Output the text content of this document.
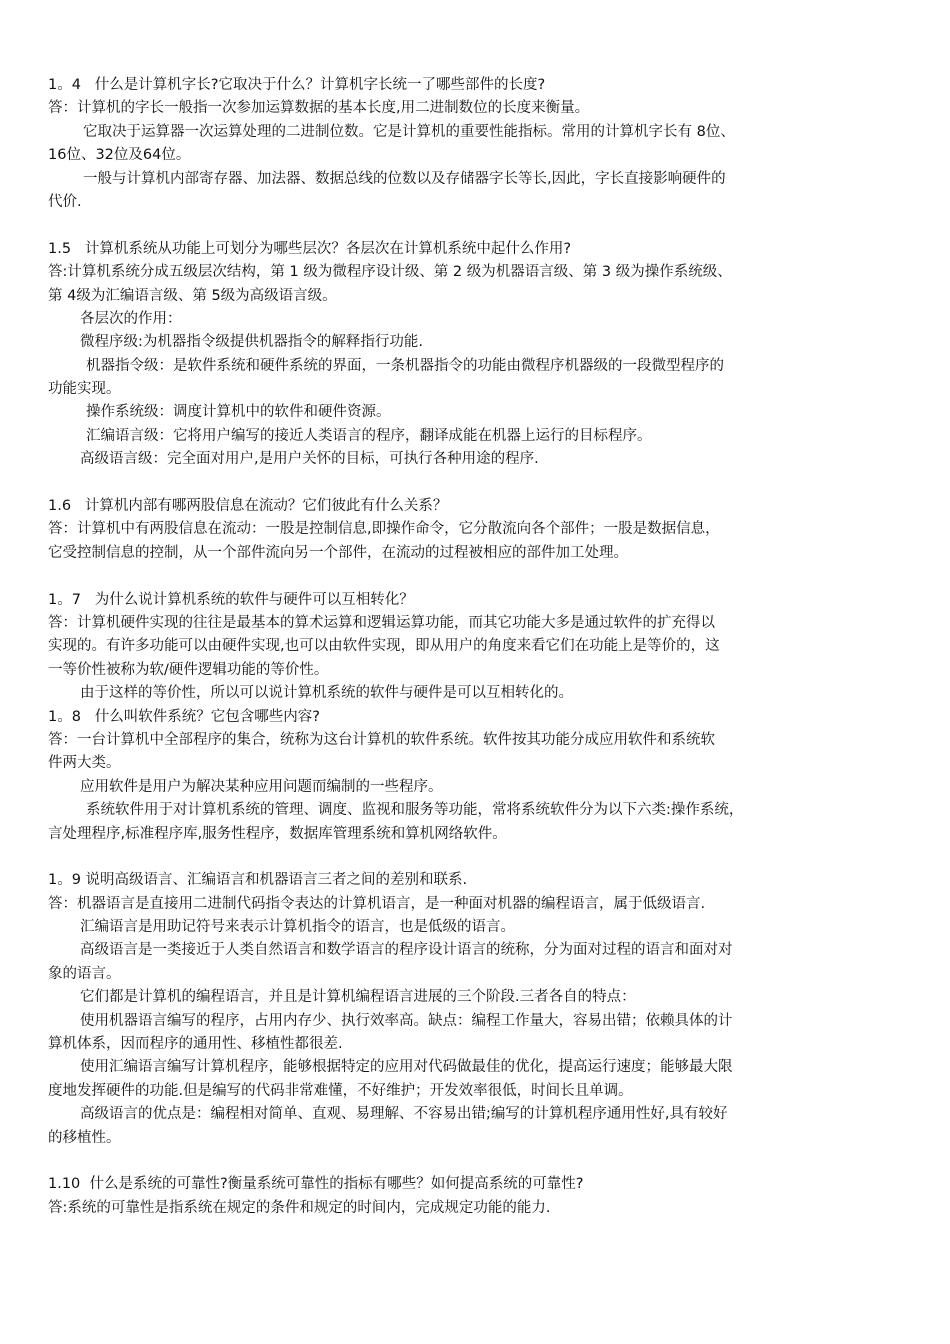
1。4   什么是计算机字长?它取决于什么？计算机字长统一了哪些部件的长度?
答：计算机的字长一般指一次参加运算数据的基本长度,用二进制数位的长度来衡量。
它取决于运算器一次运算处理的二进制位数。它是计算机的重要性能指标。常用的计算机字长有 8位、
16位、32位及64位。
一般与计算机内部寄存器、加法器、数据总线的位数以及存储器字长等长,因此，字长直接影响硬件的
代价.
1.5   计算机系统从功能上可划分为哪些层次？各层次在计算机系统中起什么作用?
答:计算机系统分成五级层次结构，第 1 级为微程序设计级、第 2 级为机器语言级、第 3 级为操作系统级、
第 4级为汇编语言级、第 5级为高级语言级。
各层次的作用：
微程序级:为机器指令级提供机器指令的解释指行功能.
机器指令级：是软件系统和硬件系统的界面，一条机器指令的功能由微程序机器级的一段微型程序的
功能实现。
操作系统级：调度计算机中的软件和硬件资源。
汇编语言级：它将用户编写的接近人类语言的程序，翻译成能在机器上运行的目标程序。
高级语言级：完全面对用户,是用户关怀的目标，可执行各种用途的程序.
1.6   计算机内部有哪两股信息在流动？它们彼此有什么关系？
答：计算机中有两股信息在流动：一股是控制信息,即操作命令，它分散流向各个部件；一股是数据信息，
它受控制信息的控制，从一个部件流向另一个部件，在流动的过程被相应的部件加工处理。
1。7   为什么说计算机系统的软件与硬件可以互相转化？
答：计算机硬件实现的往往是最基本的算术运算和逻辑运算功能，而其它功能大多是通过软件的扩充得以
实现的。有许多功能可以由硬件实现,也可以由软件实现，即从用户的角度来看它们在功能上是等价的，这
一等价性被称为软/硬件逻辑功能的等价性。
由于这样的等价性，所以可以说计算机系统的软件与硬件是可以互相转化的。
1。8   什么叫软件系统？它包含哪些内容?
答：一台计算机中全部程序的集合，统称为这台计算机的软件系统。软件按其功能分成应用软件和系统软
件两大类。
应用软件是用户为解决某种应用问题而编制的一些程序。
系统软件用于对计算机系统的管理、调度、监视和服务等功能，常将系统软件分为以下六类:操作系统，
言处理程序,标准程序库,服务性程序，数据库管理系统和算机网络软件。
1。9 说明高级语言、汇编语言和机器语言三者之间的差别和联系.
答：机器语言是直接用二进制代码指令表达的计算机语言，是一种面对机器的编程语言，属于低级语言.
汇编语言是用助记符号来表示计算机指令的语言，也是低级的语言。
高级语言是一类接近于人类自然语言和数学语言的程序设计语言的统称，分为面对过程的语言和面对对
象的语言。
它们都是计算机的编程语言，并且是计算机编程语言进展的三个阶段.三者各自的特点：
使用机器语言编写的程序，占用内存少、执行效率高。缺点：编程工作量大，容易出错；依赖具体的计
算机体系，因而程序的通用性、移植性都很差.
使用汇编语言编写计算机程序，能够根据特定的应用对代码做最佳的优化，提高运行速度；能够最大限
度地发挥硬件的功能.但是编写的代码非常难懂，不好维护；开发效率很低，时间长且单调。
高级语言的优点是：编程相对简单、直观、易理解、不容易出错;编写的计算机程序通用性好,具有较好
的移植性。
1.10  什么是系统的可靠性?衡量系统可靠性的指标有哪些？如何提高系统的可靠性?
答:系统的可靠性是指系统在规定的条件和规定的时间内，完成规定功能的能力.
